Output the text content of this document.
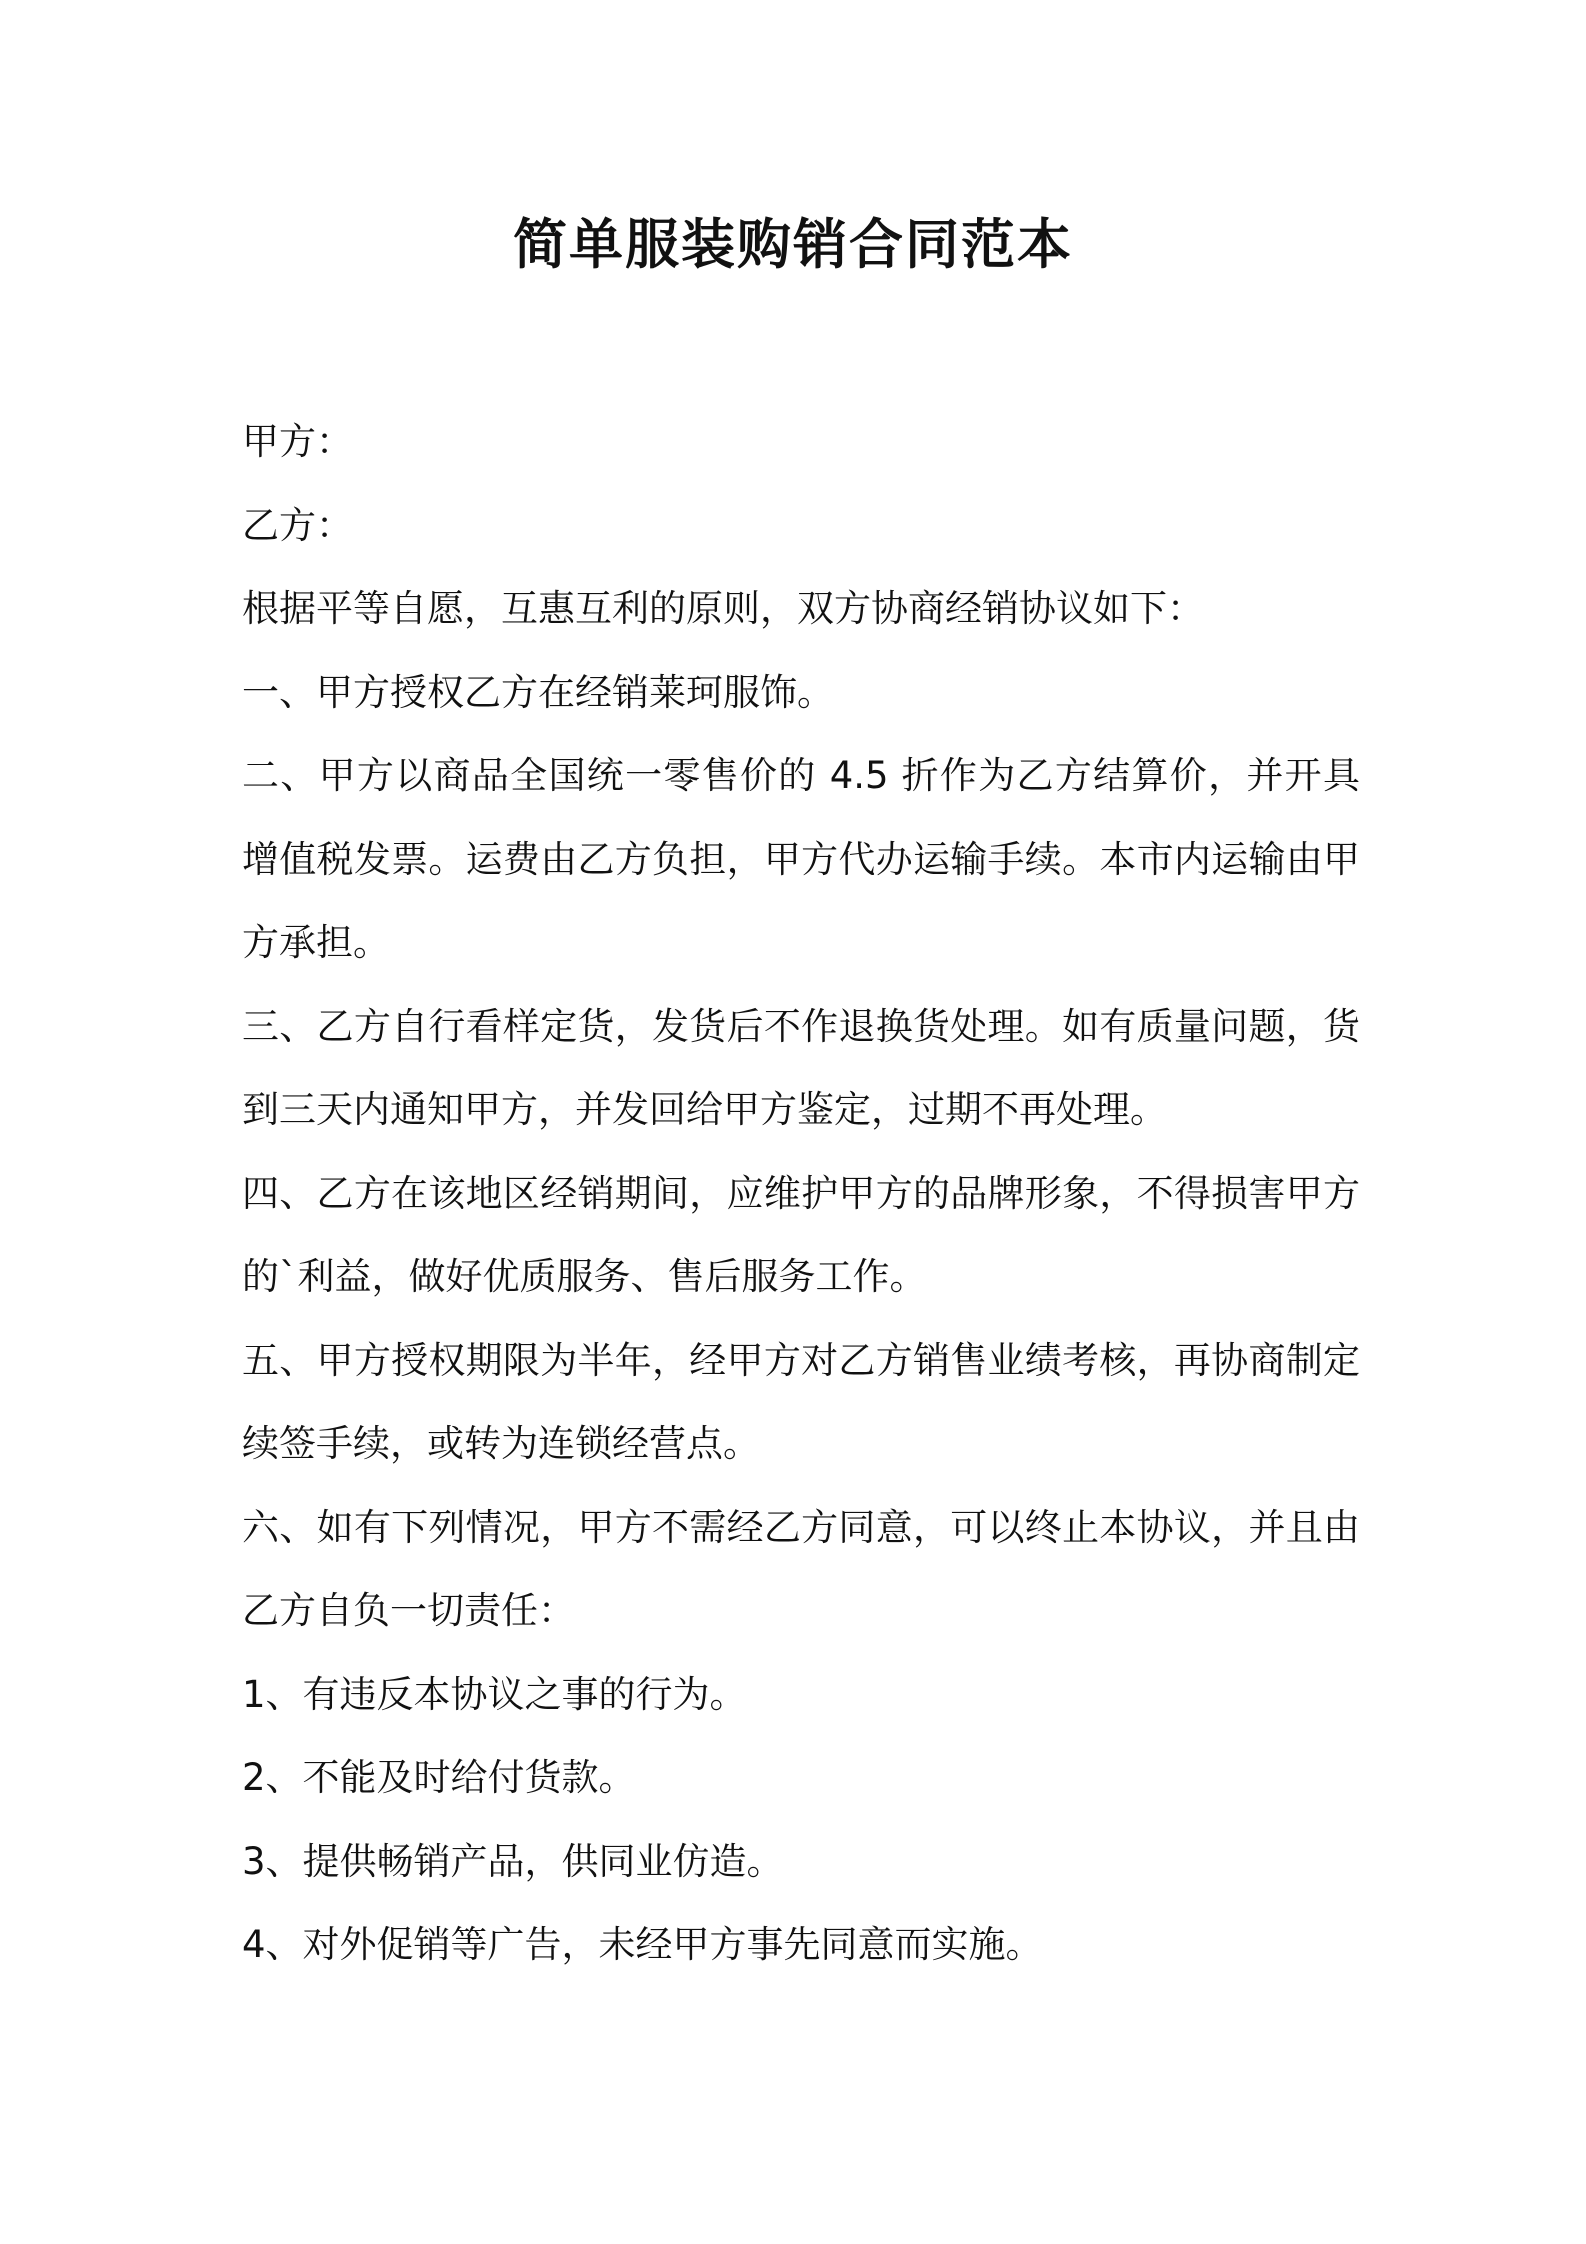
简单服装购销合同范本

甲方：

乙方：

根据平等自愿，互惠互利的原则，双方协商经销协议如下：

一、甲方授权乙方在经销莱珂服饰。

二、甲方以商品全国统一零售价的 4.5 折作为乙方结算价，并开具增值税发票。运费由乙方负担，甲方代办运输手续。本市内运输由甲方承担。

三、乙方自行看样定货，发货后不作退换货处理。如有质量问题，货到三天内通知甲方，并发回给甲方鉴定，过期不再处理。

四、乙方在该地区经销期间，应维护甲方的品牌形象，不得损害甲方的`利益，做好优质服务、售后服务工作。

五、甲方授权期限为半年，经甲方对乙方销售业绩考核，再协商制定续签手续，或转为连锁经营点。

六、如有下列情况，甲方不需经乙方同意，可以终止本协议，并且由乙方自负一切责任：

1、有违反本协议之事的行为。

2、不能及时给付货款。

3、提供畅销产品，供同业仿造。

4、对外促销等广告，未经甲方事先同意而实施。
